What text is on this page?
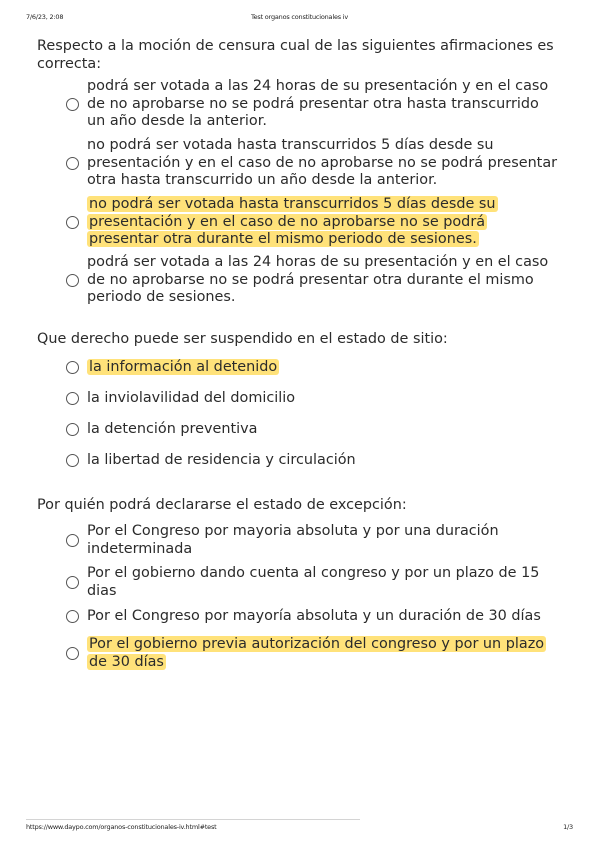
7/6/23, 2:08	Test organos constitucionales iv
Respecto a la moción de censura cual de las siguientes afirmaciones es correcta:
podrá ser votada a las 24 horas de su presentación y en el caso de no aprobarse no se podrá presentar otra hasta transcurrido un año desde la anterior.
no podrá ser votada hasta transcurridos 5 días desde su presentación y en el caso de no aprobarse no se podrá presentar otra hasta transcurrido un año desde la anterior.
no podrá ser votada hasta transcurridos 5 días desde su presentación y en el caso de no aprobarse no se podrá presentar otra durante el mismo periodo de sesiones.
podrá ser votada a las 24 horas de su presentación y en el caso de no aprobarse no se podrá presentar otra durante el mismo periodo de sesiones.
Que derecho puede ser suspendido en el estado de sitio:
la información al detenido
la inviolavilidad del domicilio
la detención preventiva
la libertad de residencia y circulación
Por quién podrá declararse el estado de excepción:
Por el Congreso por mayoria absoluta y por una duración indeterminada
Por el gobierno dando cuenta al congreso y por un plazo de 15 dias
Por el Congreso por mayoría absoluta y un duración de 30 días
Por el gobierno previa autorización del congreso y por un plazo de 30 días
https://www.daypo.com/organos-constitucionales-iv.html#test	1/3
